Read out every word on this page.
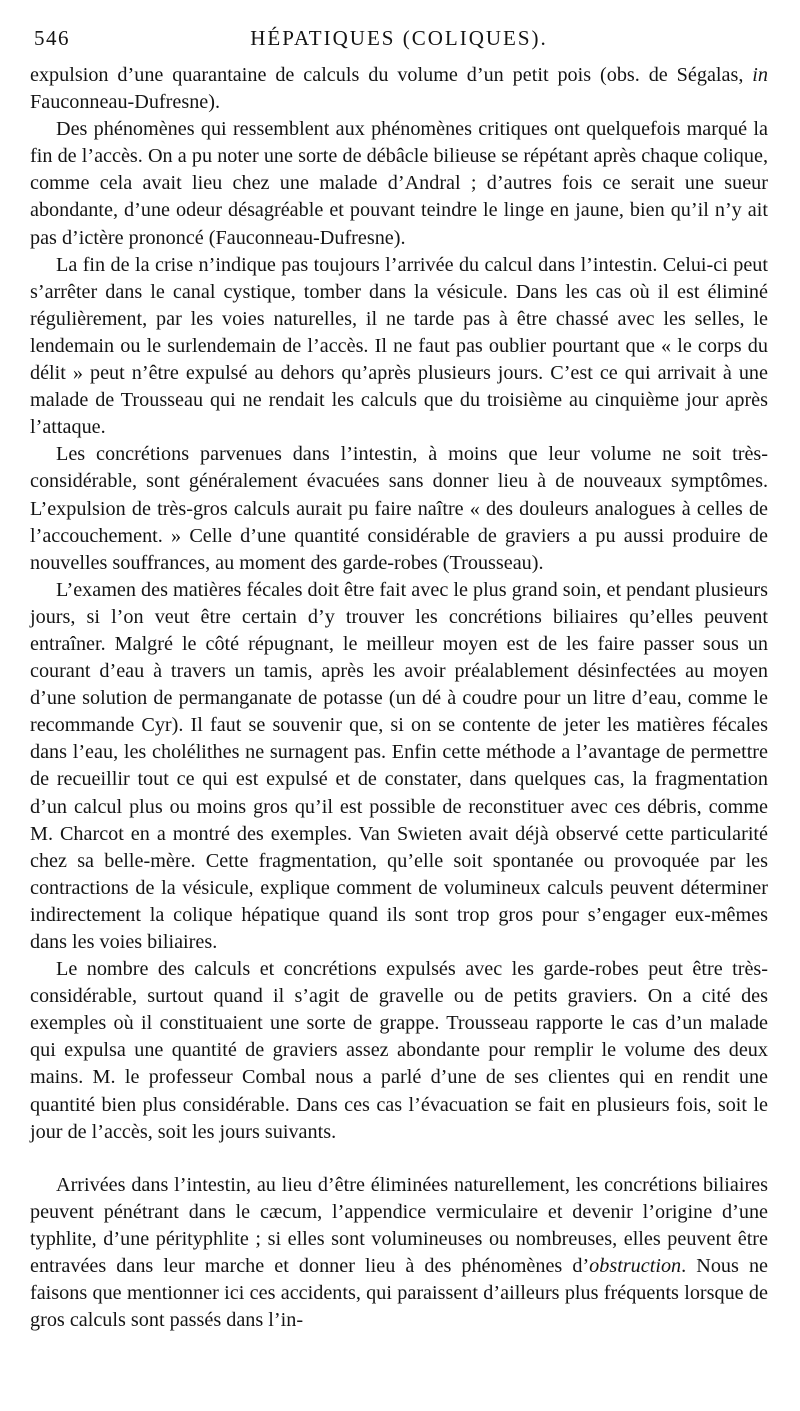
546	HÉPATIQUES (COLIQUES).

expulsion d’une quarantaine de calculs du volume d’un petit pois (obs. de Ségalas, in Fauconneau-Dufresne).

Des phénomènes qui ressemblent aux phénomènes critiques ont quelquefois marqué la fin de l’accès. On a pu noter une sorte de débâcle bilieuse se répétant après chaque colique, comme cela avait lieu chez une malade d’Andral ; d’autres fois ce serait une sueur abondante, d’une odeur désagréable et pouvant teindre le linge en jaune, bien qu’il n’y ait pas d’ictère prononcé (Fauconneau-Dufresne).

La fin de la crise n’indique pas toujours l’arrivée du calcul dans l’intestin. Celui-ci peut s’arrêter dans le canal cystique, tomber dans la vésicule. Dans les cas où il est éliminé régulièrement, par les voies naturelles, il ne tarde pas à être chassé avec les selles, le lendemain ou le surlendemain de l’accès. Il ne faut pas oublier pourtant que « le corps du délit » peut n’être expulsé au dehors qu’après plusieurs jours. C’est ce qui arrivait à une malade de Trousseau qui ne rendait les calculs que du troisième au cinquième jour après l’attaque.

Les concrétions parvenues dans l’intestin, à moins que leur volume ne soit très-considérable, sont généralement évacuées sans donner lieu à de nouveaux symptômes. L’expulsion de très-gros calculs aurait pu faire naître « des douleurs analogues à celles de l’accouchement. » Celle d’une quantité considérable de graviers a pu aussi produire de nouvelles souffrances, au moment des garde-robes (Trousseau).

L’examen des matières fécales doit être fait avec le plus grand soin, et pendant plusieurs jours, si l’on veut être certain d’y trouver les concrétions biliaires qu’elles peuvent entraîner. Malgré le côté répugnant, le meilleur moyen est de les faire passer sous un courant d’eau à travers un tamis, après les avoir préalablement désinfectées au moyen d’une solution de permanganate de potasse (un dé à coudre pour un litre d’eau, comme le recommande Cyr). Il faut se souvenir que, si on se contente de jeter les matières fécales dans l’eau, les cholélithes ne surnagent pas. Enfin cette méthode a l’avantage de permettre de recueillir tout ce qui est expulsé et de constater, dans quelques cas, la fragmentation d’un calcul plus ou moins gros qu’il est possible de reconstituer avec ces débris, comme M. Charcot en a montré des exemples. Van Swieten avait déjà observé cette particularité chez sa belle-mère. Cette fragmentation, qu’elle soit spontanée ou provoquée par les contractions de la vésicule, explique comment de volumineux calculs peuvent déterminer indirectement la colique hépatique quand ils sont trop gros pour s’engager eux-mêmes dans les voies biliaires.

Le nombre des calculs et concrétions expulsés avec les garde-robes peut être très-considérable, surtout quand il s’agit de gravelle ou de petits graviers. On a cité des exemples où il constituaient une sorte de grappe. Trousseau rapporte le cas d’un malade qui expulsa une quantité de graviers assez abondante pour remplir le volume des deux mains. M. le professeur Combal nous a parlé d’une de ses clientes qui en rendit une quantité bien plus considérable. Dans ces cas l’évacuation se fait en plusieurs fois, soit le jour de l’accès, soit les jours suivants.

Arrivées dans l’intestin, au lieu d’être éliminées naturellement, les concrétions biliaires peuvent pénétrant dans le cæcum, l’appendice vermiculaire et devenir l’origine d’une typhlite, d’une pérityphlite ; si elles sont volumineuses ou nombreuses, elles peuvent être entravées dans leur marche et donner lieu à des phénomènes d’obstruction. Nous ne faisons que mentionner ici ces accidents, qui paraissent d’ailleurs plus fréquents lorsque de gros calculs sont passés dans l’in-
